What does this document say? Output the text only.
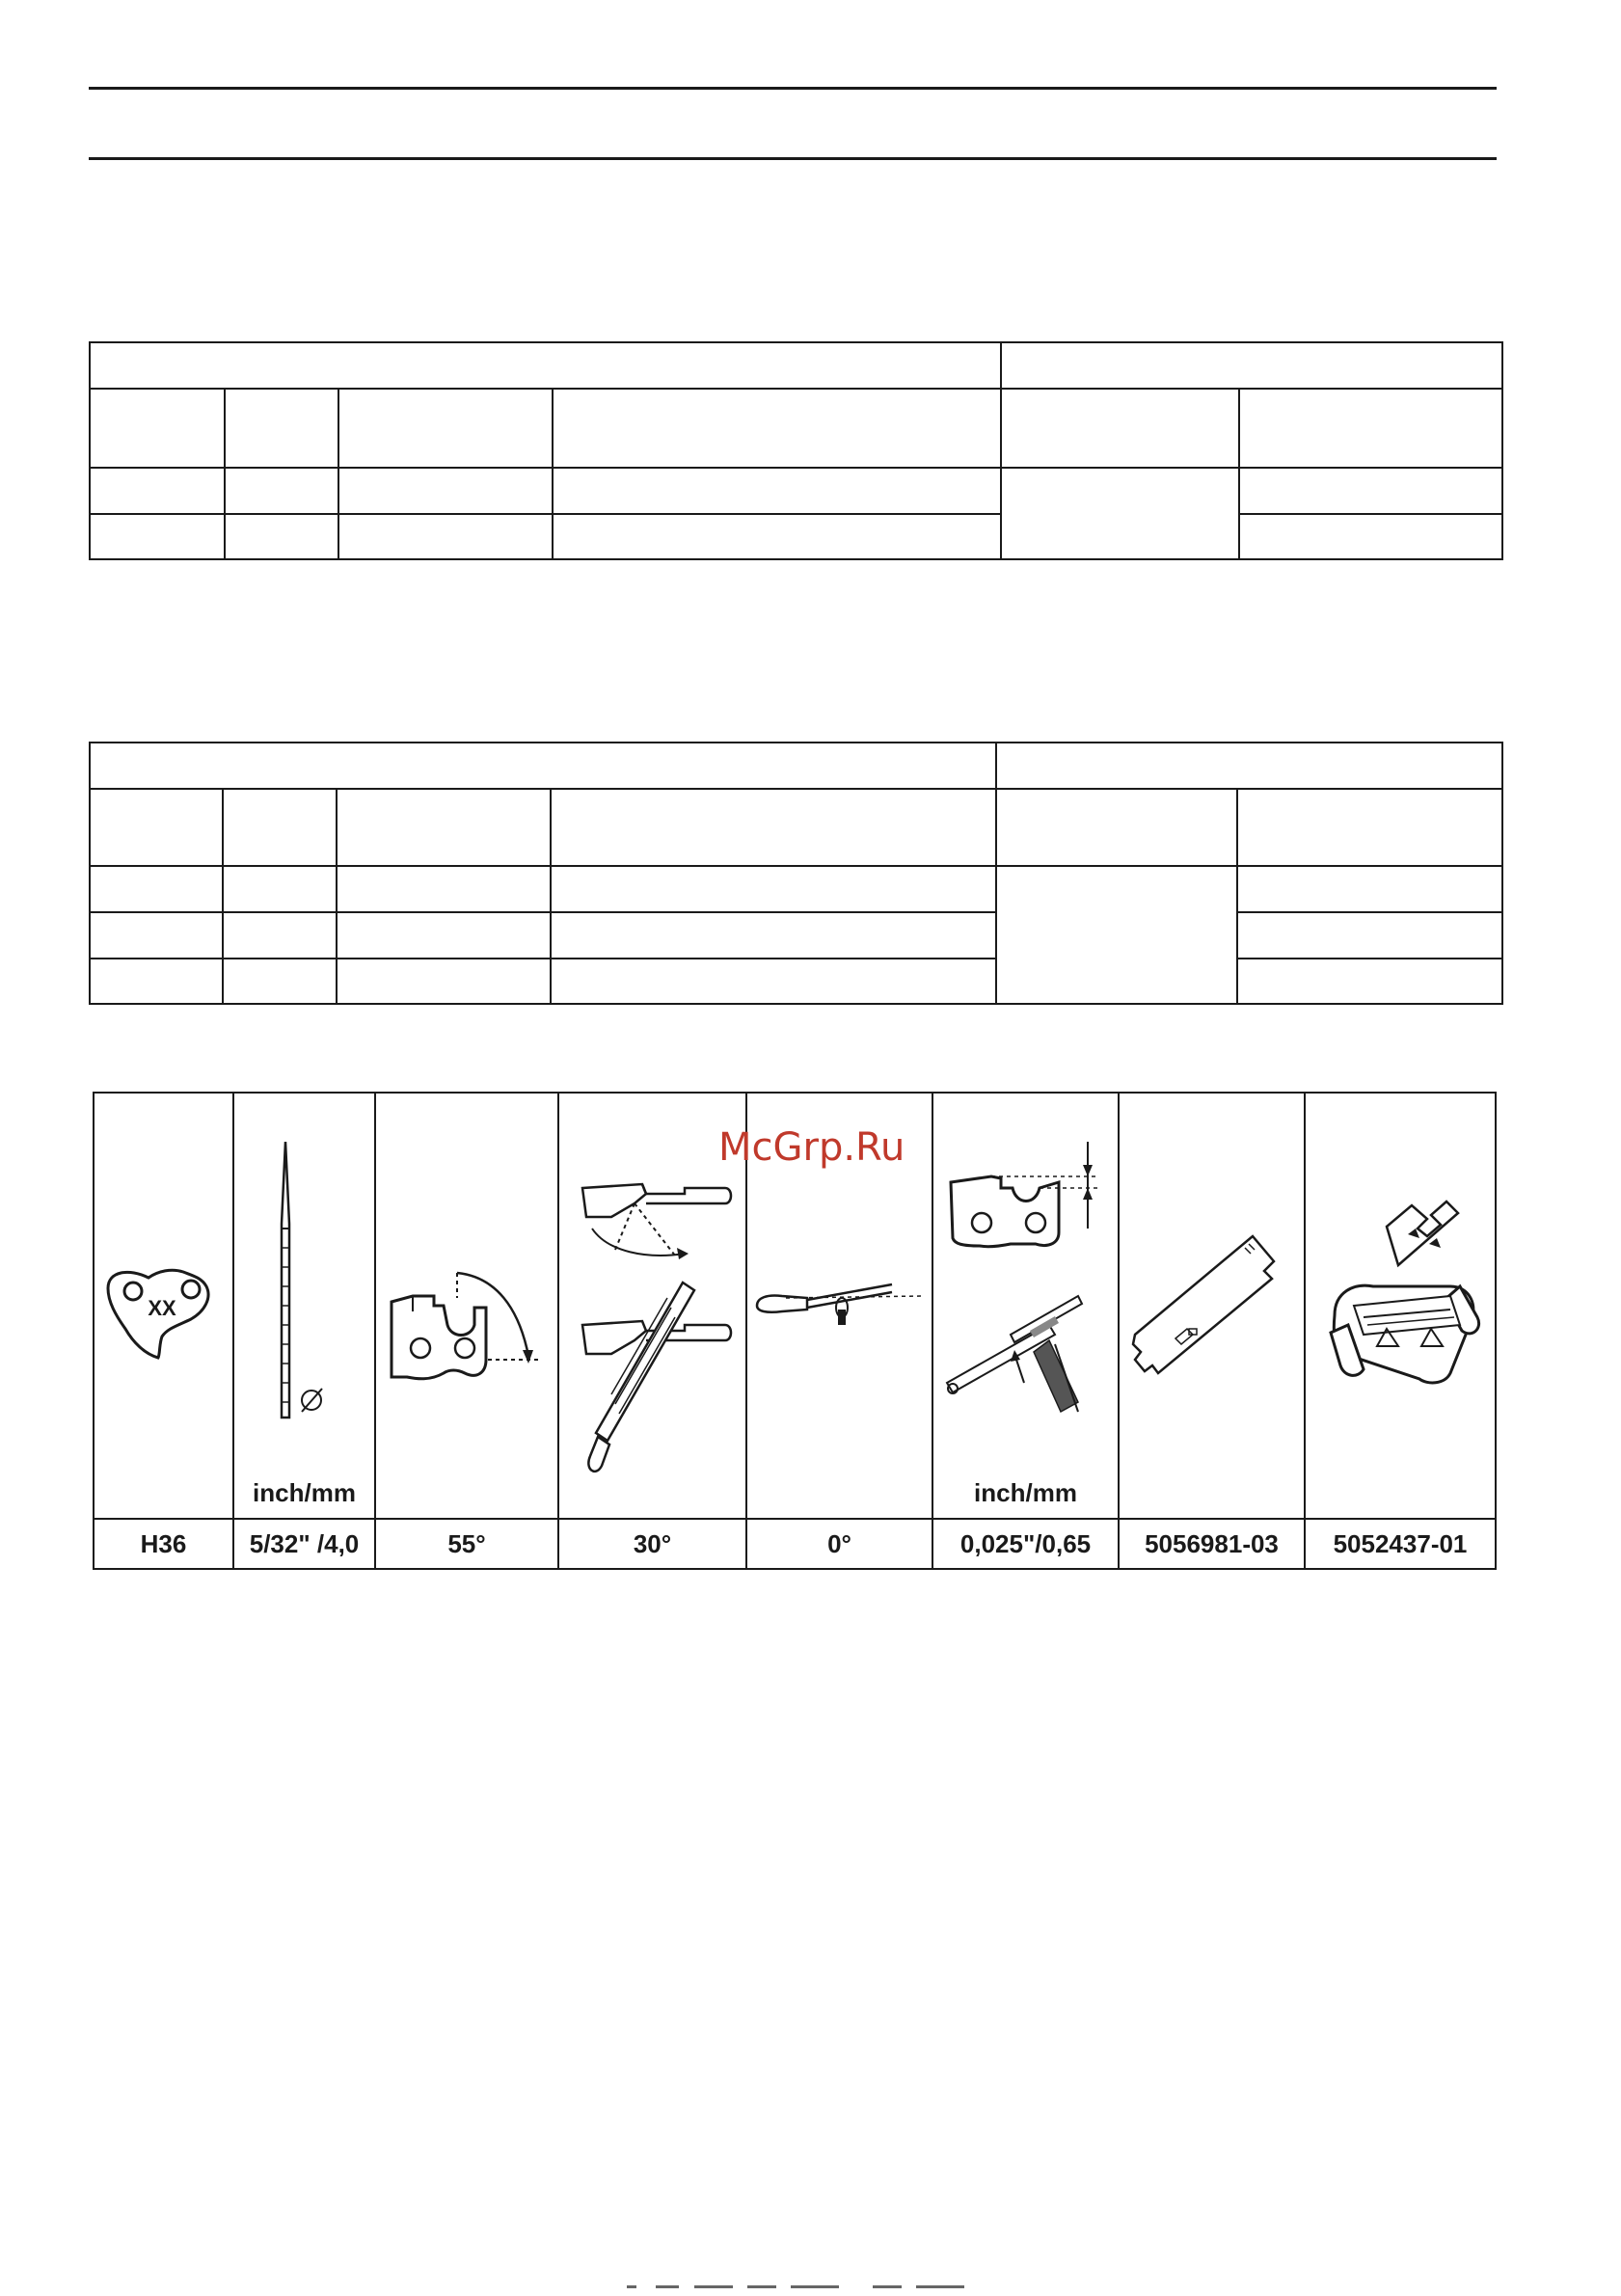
XX	inch/mm				inch/mm

H36	5/32" /4,0	55°	30°	0°	0,025"/0,65	5056981-03	5052437-01
McGrp.Ru
